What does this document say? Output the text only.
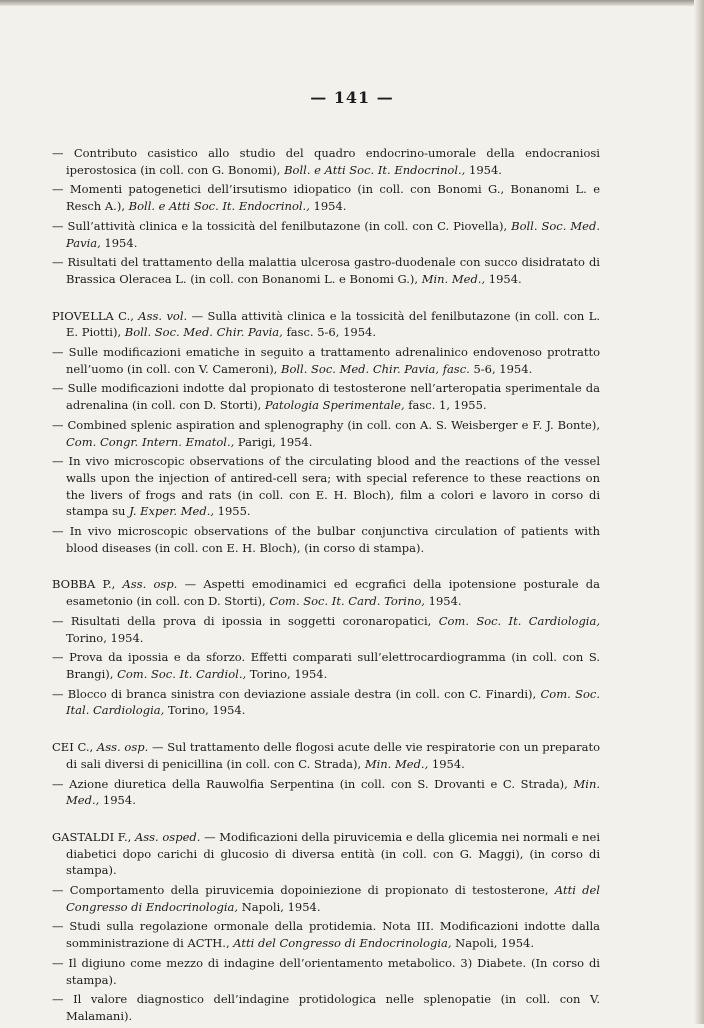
— 141 —

— Contributo casistico allo studio del quadro endocrino-umorale della endocraniosi iperostosica (in coll. con G. Bonomi), Boll. e Atti Soc. It. Endocrinol., 1954.

— Momenti patogenetici dell’irsutismo idiopatico (in coll. con Bonomi G., Bonanomi L. e Resch A.), Boll. e Atti Soc. It. Endocrinol., 1954.

— Sull’attività clinica e la tossicità del fenilbutazone (in coll. con C. Piovella), Boll. Soc. Med. Pavia, 1954.

— Risultati del trattamento della malattia ulcerosa gastro-duodenale con succo disidratato di Brassica Oleracea L. (in coll. con Bonanomi L. e Bonomi G.), Min. Med., 1954.

PIOVELLA C., Ass. vol. — Sulla attività clinica e la tossicità del fenilbutazone (in coll. con L. E. Piotti), Boll. Soc. Med. Chir. Pavia, fasc. 5-6, 1954.

— Sulle modificazioni ematiche in seguito a trattamento adrenalinico endovenoso protratto nell’uomo (in coll. con V. Cameroni), Boll. Soc. Med. Chir. Pavia, fasc. 5-6, 1954.

— Sulle modificazioni indotte dal propionato di testosterone nell’arteropatia sperimentale da adrenalina (in coll. con D. Storti), Patologia Sperimentale, fasc. 1, 1955.

— Combined splenic aspiration and splenography (in coll. con A. S. Weisberger e F. J. Bonte), Com. Congr. Intern. Ematol., Parigi, 1954.

— In vivo microscopic observations of the circulating blood and the reactions of the vessel walls upon the injection of antired-cell sera; with special reference to these reactions on the livers of frogs and rats (in coll. con E. H. Bloch), film a colori e lavoro in corso di stampa su J. Exper. Med., 1955.

— In vivo microscopic observations of the bulbar conjunctiva circulation of patients with blood diseases (in coll. con E. H. Bloch), (in corso di stampa).

BOBBA P., Ass. osp. — Aspetti emodinamici ed ecgrafici della ipotensione posturale da esametonio (in coll. con D. Storti), Com. Soc. It. Card. Torino, 1954.

— Risultati della prova di ipossia in soggetti coronaropatici, Com. Soc. It. Cardiologia, Torino, 1954.

— Prova da ipossia e da sforzo. Effetti comparati sull’elettrocardiogramma (in coll. con S. Brangi), Com. Soc. It. Cardiol., Torino, 1954.

— Blocco di branca sinistra con deviazione assiale destra (in coll. con C. Finardi), Com. Soc. Ital. Cardiologia, Torino, 1954.

CEI C., Ass. osp. — Sul trattamento delle flogosi acute delle vie respiratorie con un preparato di sali diversi di penicillina (in coll. con C. Strada), Min. Med., 1954.

— Azione diuretica della Rauwolfia Serpentina (in coll. con S. Drovanti e C. Strada), Min. Med., 1954.

GASTALDI F., Ass. osped. — Modificazioni della piruvicemia e della glicemia nei normali e nei diabetici dopo carichi di glucosio di diversa entità (in coll. con G. Maggi), (in corso di stampa).

— Comportamento della piruvicemia dopoiniezione di propionato di testosterone, Atti del Congresso di Endocrinologia, Napoli, 1954.

— Studi sulla regolazione ormonale della protidemia. Nota III. Modificazioni indotte dalla somministrazione di ACTH., Atti del Congresso di Endocrinologia, Napoli, 1954.

— Il digiuno come mezzo di indagine dell’orientamento metabolico. 3) Diabete. (In corso di stampa).

— Il valore diagnostico dell’indagine protidologica nelle splenopatie (in coll. con V. Malamani).
